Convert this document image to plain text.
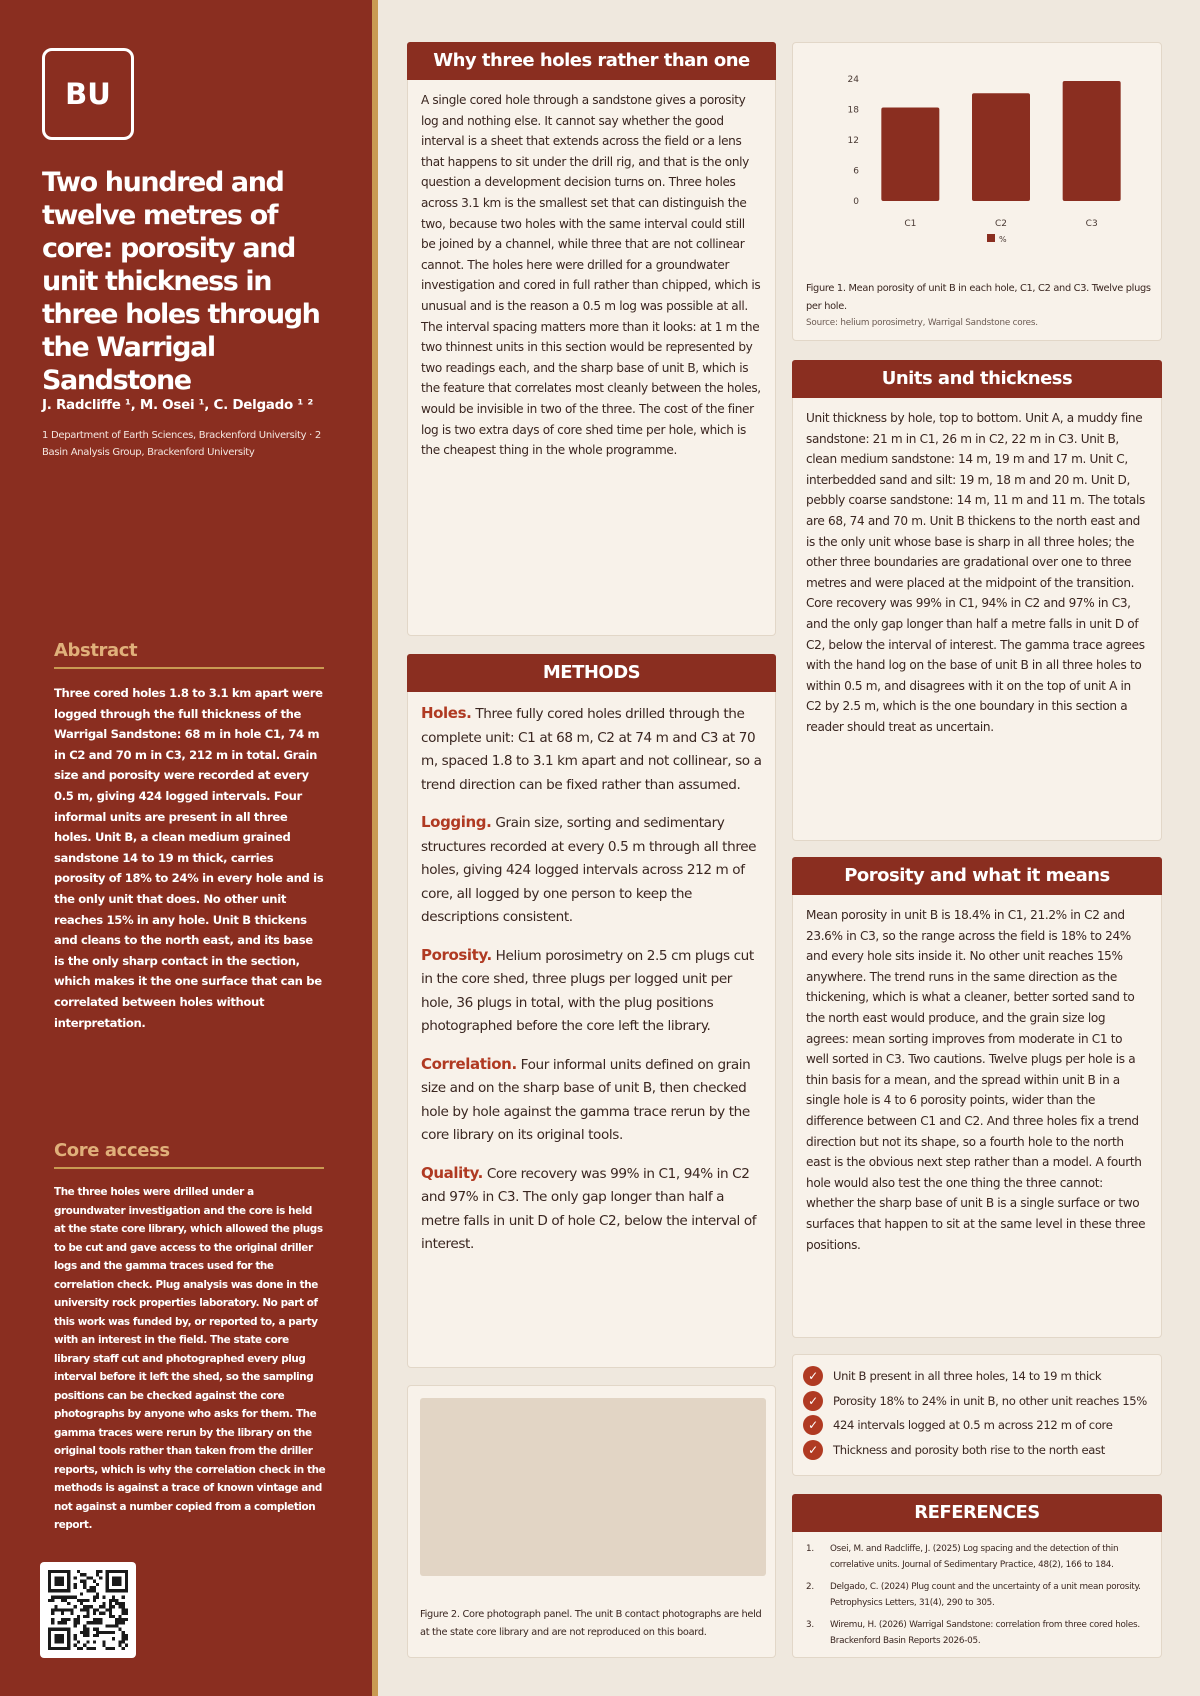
BU
Two hundred and twelve metres of core: porosity and unit thickness in three holes through the Warrigal Sandstone
J. Radcliffe ¹, M. Osei ¹, C. Delgado ¹ ²
1 Department of Earth Sciences, Brackenford University · 2 Basin Analysis Group, Brackenford University
Abstract
Three cored holes 1.8 to 3.1 km apart were logged through the full thickness of the Warrigal Sandstone: 68 m in hole C1, 74 m in C2 and 70 m in C3, 212 m in total. Grain size and porosity were recorded at every 0.5 m, giving 424 logged intervals. Four informal units are present in all three holes. Unit B, a clean medium grained sandstone 14 to 19 m thick, carries porosity of 18% to 24% in every hole and is the only unit that does. No other unit reaches 15% in any hole. Unit B thickens and cleans to the north east, and its base is the only sharp contact in the section, which makes it the one surface that can be correlated between holes without interpretation.
Core access
The three holes were drilled under a groundwater investigation and the core is held at the state core library, which allowed the plugs to be cut and gave access to the original driller logs and the gamma traces used for the correlation check. Plug analysis was done in the university rock properties laboratory. No part of this work was funded by, or reported to, a party with an interest in the field. The state core library staff cut and photographed every plug interval before it left the shed, so the sampling positions can be checked against the core photographs by anyone who asks for them. The gamma traces were rerun by the library on the original tools rather than taken from the driller reports, which is why the correlation check in the methods is against a trace of known vintage and not against a number copied from a completion report.
Why three holes rather than one
A single cored hole through a sandstone gives a porosity log and nothing else. It cannot say whether the good interval is a sheet that extends across the field or a lens that happens to sit under the drill rig, and that is the only question a development decision turns on. Three holes across 3.1 km is the smallest set that can distinguish the two, because two holes with the same interval could still be joined by a channel, while three that are not collinear cannot. The holes here were drilled for a groundwater investigation and cored in full rather than chipped, which is unusual and is the reason a 0.5 m log was possible at all. The interval spacing matters more than it looks: at 1 m the two thinnest units in this section would be represented by two readings each, and the sharp base of unit B, which is the feature that correlates most cleanly between the holes, would be invisible in two of the three. The cost of the finer log is two extra days of core shed time per hole, which is the cheapest thing in the whole programme.
METHODS
Holes. Three fully cored holes drilled through the complete unit: C1 at 68 m, C2 at 74 m and C3 at 70 m, spaced 1.8 to 3.1 km apart and not collinear, so a trend direction can be fixed rather than assumed.
Logging. Grain size, sorting and sedimentary structures recorded at every 0.5 m through all three holes, giving 424 logged intervals across 212 m of core, all logged by one person to keep the descriptions consistent.
Porosity. Helium porosimetry on 2.5 cm plugs cut in the core shed, three plugs per logged unit per hole, 36 plugs in total, with the plug positions photographed before the core left the library.
Correlation. Four informal units defined on grain size and on the sharp base of unit B, then checked hole by hole against the gamma trace rerun by the core library on its original tools.
Quality. Core recovery was 99% in C1, 94% in C2 and 97% in C3. The only gap longer than half a metre falls in unit D of hole C2, below the interval of interest.
Figure 2. Core photograph panel. The unit B contact photographs are held at the state core library and are not reproduced on this board.
0
6
12
18
24
C1	C2	C3
%
Figure 1. Mean porosity of unit B in each hole, C1, C2 and C3. Twelve plugs per hole.
Source: helium porosimetry, Warrigal Sandstone cores.
Units and thickness
Unit thickness by hole, top to bottom. Unit A, a muddy fine sandstone: 21 m in C1, 26 m in C2, 22 m in C3. Unit B, clean medium sandstone: 14 m, 19 m and 17 m. Unit C, interbedded sand and silt: 19 m, 18 m and 20 m. Unit D, pebbly coarse sandstone: 14 m, 11 m and 11 m. The totals are 68, 74 and 70 m. Unit B thickens to the north east and is the only unit whose base is sharp in all three holes; the other three boundaries are gradational over one to three metres and were placed at the midpoint of the transition. Core recovery was 99% in C1, 94% in C2 and 97% in C3, and the only gap longer than half a metre falls in unit D of C2, below the interval of interest. The gamma trace agrees with the hand log on the base of unit B in all three holes to within 0.5 m, and disagrees with it on the top of unit A in C2 by 2.5 m, which is the one boundary in this section a reader should treat as uncertain.
Porosity and what it means
Mean porosity in unit B is 18.4% in C1, 21.2% in C2 and 23.6% in C3, so the range across the field is 18% to 24% and every hole sits inside it. No other unit reaches 15% anywhere. The trend runs in the same direction as the thickening, which is what a cleaner, better sorted sand to the north east would produce, and the grain size log agrees: mean sorting improves from moderate in C1 to well sorted in C3. Two cautions. Twelve plugs per hole is a thin basis for a mean, and the spread within unit B in a single hole is 4 to 6 porosity points, wider than the difference between C1 and C2. And three holes fix a trend direction but not its shape, so a fourth hole to the north east is the obvious next step rather than a model. A fourth hole would also test the one thing the three cannot: whether the sharp base of unit B is a single surface or two surfaces that happen to sit at the same level in these three positions.
✓	Unit B present in all three holes, 14 to 19 m thick
✓	Porosity 18% to 24% in unit B, no other unit reaches 15%
✓	424 intervals logged at 0.5 m across 212 m of core
✓	Thickness and porosity both rise to the north east
REFERENCES
1.	Osei, M. and Radcliffe, J. (2025) Log spacing and the detection of thin correlative units. Journal of Sedimentary Practice, 48(2), 166 to 184.
2.	Delgado, C. (2024) Plug count and the uncertainty of a unit mean porosity. Petrophysics Letters, 31(4), 290 to 305.
3.	Wiremu, H. (2026) Warrigal Sandstone: correlation from three cored holes. Brackenford Basin Reports 2026-05.
